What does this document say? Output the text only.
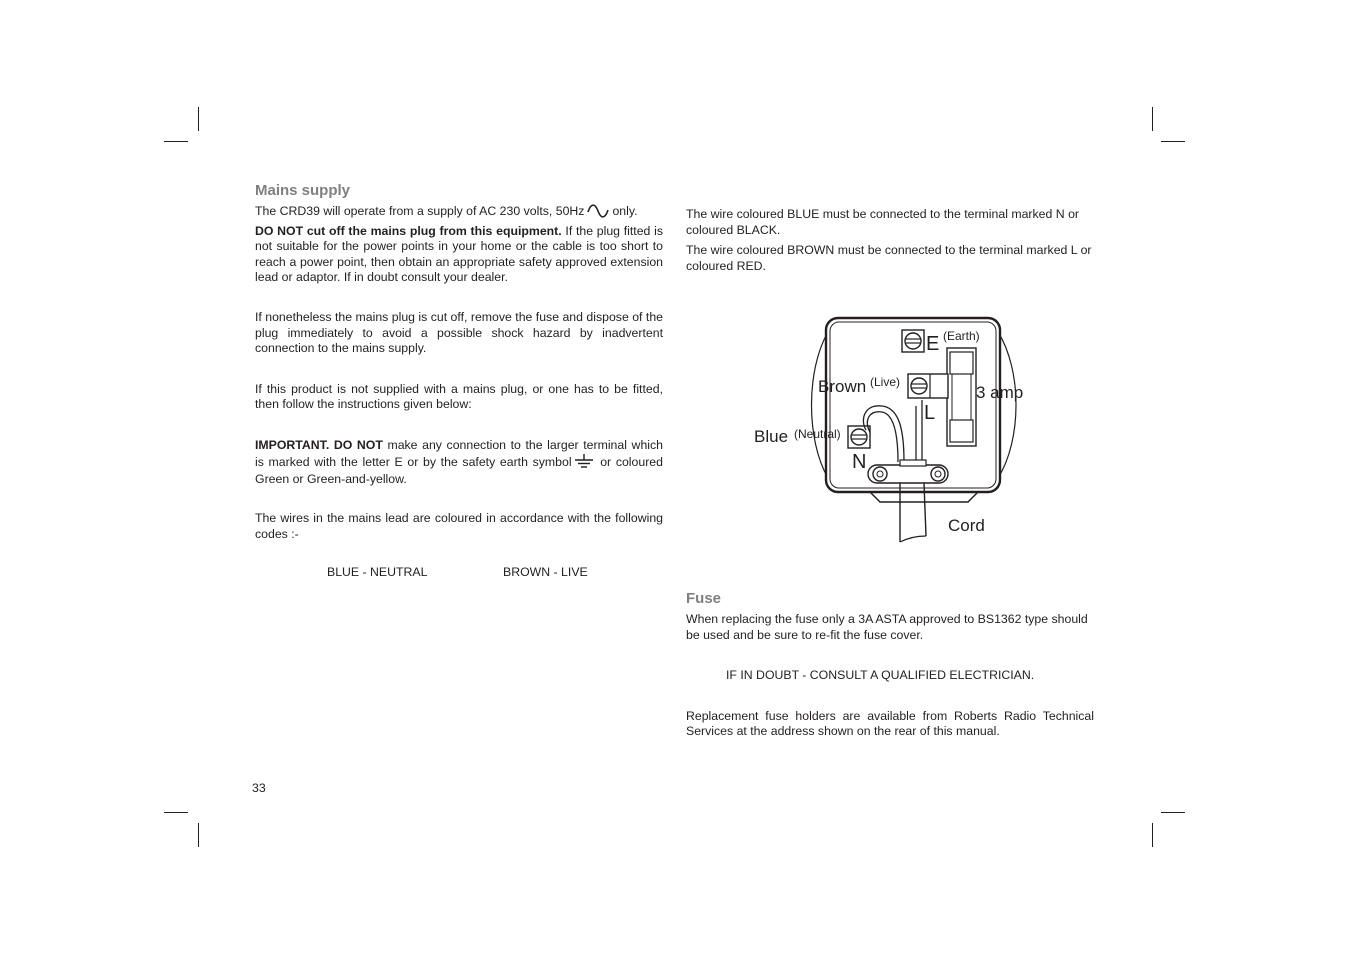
Mains supply

The CRD39 will operate from a supply of AC 230 volts, 50Hz only.

DO NOT cut off the mains plug from this equipment. If the plug fitted is not suitable for the power points in your home or the cable is too short to reach a power point, then obtain an appropriate safety approved extension lead or adaptor. If in doubt consult your dealer.

If nonetheless the mains plug is cut off, remove the fuse and dispose of the plug immediately to avoid a possible shock hazard by inadvertent connection to the mains supply.

If this product is not supplied with a mains plug, or one has to be fitted, then follow the instructions given below:

IMPORTANT. DO NOT make any connection to the larger terminal which is marked with the letter E or by the safety earth symbol or coloured Green or Green-and-yellow.

The wires in the mains lead are coloured in accordance with the following codes :-

BLUE - NEUTRAL	BROWN - LIVE

The wire coloured BLUE must be connected to the terminal marked N or coloured BLACK.

The wire coloured BROWN must be connected to the terminal marked L or coloured RED.

E (Earth)
3 amp
L
Brown (Live)
N
Blue (Neutral)
Cord
Fuse

When replacing the fuse only a 3A ASTA approved to BS1362 type should be used and be sure to re-fit the fuse cover.

IF IN DOUBT - CONSULT A QUALIFIED ELECTRICIAN.

Replacement fuse holders are available from Roberts Radio Technical Services at the address shown on the rear of this manual.

33
